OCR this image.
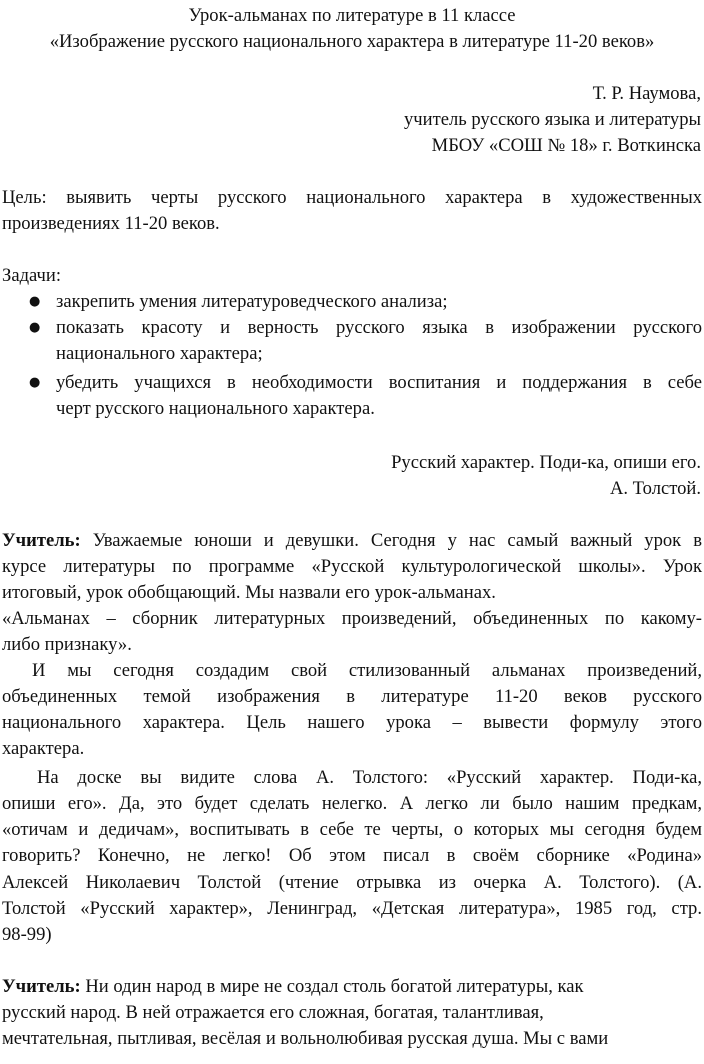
Урок-альманах по литературе в 11 классе
«Изображение русского национального характера в литературе 11-20 веков»
Т. Р. Наумова,
учитель русского языка и литературы
МБОУ «СОШ № 18» г. Воткинска
Цель: выявить черты русского национального характера в художественных
произведениях 11-20 веков.
Задачи:
● закрепить умения литературоведческого анализа;
● показать красоту и верность русского языка в изображении русского
национального характера;
● убедить учащихся в необходимости воспитания и поддержания в себе
черт русского национального характера.
Русский характер. Поди-ка, опиши его.
А. Толстой.
Учитель: Уважаемые юноши и девушки. Сегодня у нас самый важный урок в
курсе литературы по программе «Русской культурологической школы». Урок
итоговый, урок обобщающий. Мы назвали его урок-альманах.
«Альманах – сборник литературных произведений, объединенных по какому-
либо признаку».
И мы сегодня создадим свой стилизованный альманах произведений,
объединенных темой изображения в литературе 11-20 веков русского
национального характера. Цель нашего урока – вывести формулу этого
характера.
На доске вы видите слова А. Толстого: «Русский характер. Поди-ка,
опиши его». Да, это будет сделать нелегко. А легко ли было нашим предкам,
«отичам и дедичам», воспитывать в себе те черты, о которых мы сегодня будем
говорить? Конечно, не легко! Об этом писал в своём сборнике «Родина»
Алексей Николаевич Толстой (чтение отрывка из очерка А. Толстого). (А.
Толстой «Русский характер», Ленинград, «Детская литература», 1985 год, стр.
98-99)
Учитель: Ни один народ в мире не создал столь богатой литературы, как
русский народ. В ней отражается его сложная, богатая, талантливая,
мечтательная, пытливая, весёлая и вольнолюбивая русская душа. Мы с вами
